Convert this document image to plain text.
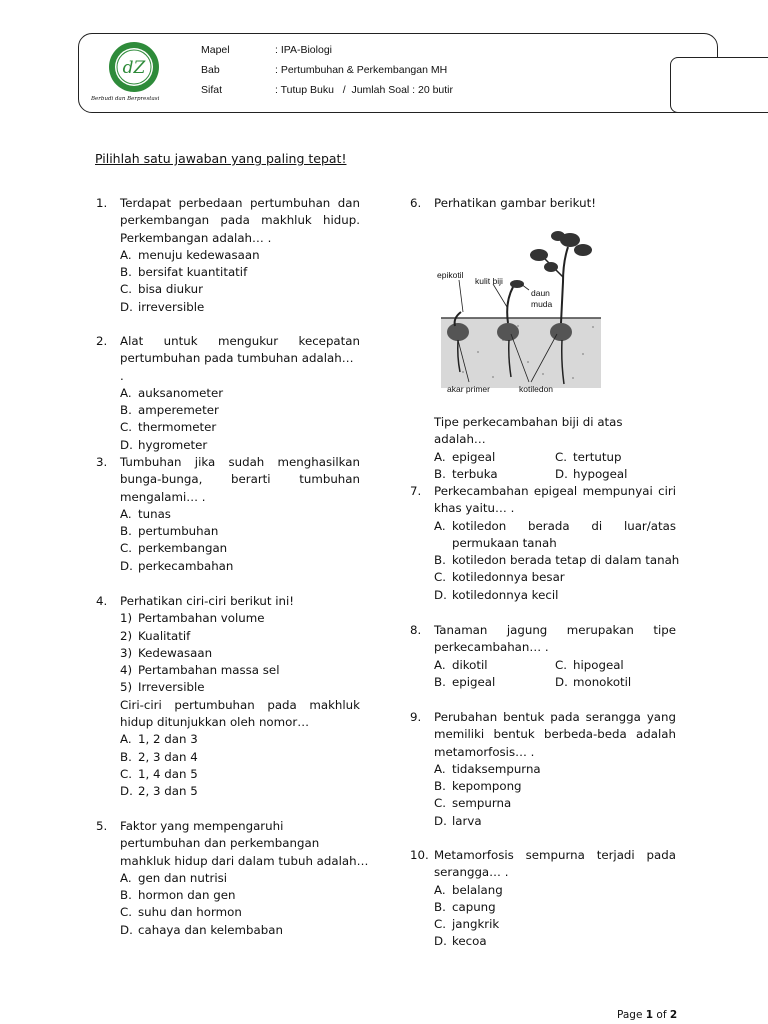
dZ
Berbudi dan Berprestasi
Mapel	: IPA-Biologi
Bab	: Pertumbuhan & Perkembangan MH
Sifat	: Tutup Buku   /  Jumlah Soal : 20 butir
Pilihlah satu jawaban yang paling tepat!
1. Terdapat perbedaan pertumbuhan dan
perkembangan pada makhluk hidup.
Perkembangan adalah… .
A. menuju kedewasaan
B. bersifat kuantitatif
C. bisa diukur
D. irreversible
2. Alat untuk mengukur kecepatan
pertumbuhan pada tumbuhan adalah… .
A. auksanometer
B. amperemeter
C. thermometer
D. hygrometer
3. Tumbuhan jika sudah menghasilkan
bunga-bunga, berarti tumbuhan
mengalami… .
A. tunas
B. pertumbuhan
C. perkembangan
D. perkecambahan
4. Perhatikan ciri-ciri berikut ini!
1) Pertambahan volume
2) Kualitatif
3) Kedewasaan
4) Pertambahan massa sel
5) Irreversible
Ciri-ciri pertumbuhan pada makhluk
hidup ditunjukkan oleh nomor…
A. 1, 2 dan 3
B. 2, 3 dan 4
C. 1, 4 dan 5
D. 2, 3 dan 5
5. Faktor yang mempengaruhi
pertumbuhan dan perkembangan
mahkluk hidup dari dalam tubuh adalah…
A. gen dan nutrisi
B. hormon dan gen
C. suhu dan hormon
D. cahaya dan kelembaban
6. Perhatikan gambar berikut!
epikotil
kulit biji
daun
muda
akar primer	kotiledon
Tipe perkecambahan biji di atas adalah…
A. epigeal	C. tertutup
B. terbuka	D. hypogeal
7. Perkecambahan epigeal mempunyai ciri
khas yaitu… .
A. kotiledon berada di luar/atas permukaan tanah
B. kotiledon berada tetap di dalam tanah
C. kotiledonnya besar
D. kotiledonnya kecil
8. Tanaman jagung merupakan tipe
perkecambahan… .
A. dikotil	C. hipogeal
B. epigeal	D. monokotil
9. Perubahan bentuk pada serangga yang
memiliki bentuk berbeda-beda adalah
metamorfosis… .
A. tidaksempurna
B. kepompong
C. sempurna
D. larva
10. Metamorfosis sempurna terjadi pada
serangga… .
A. belalang
B. capung
C. jangkrik
D. kecoa
Page 1 of 2
